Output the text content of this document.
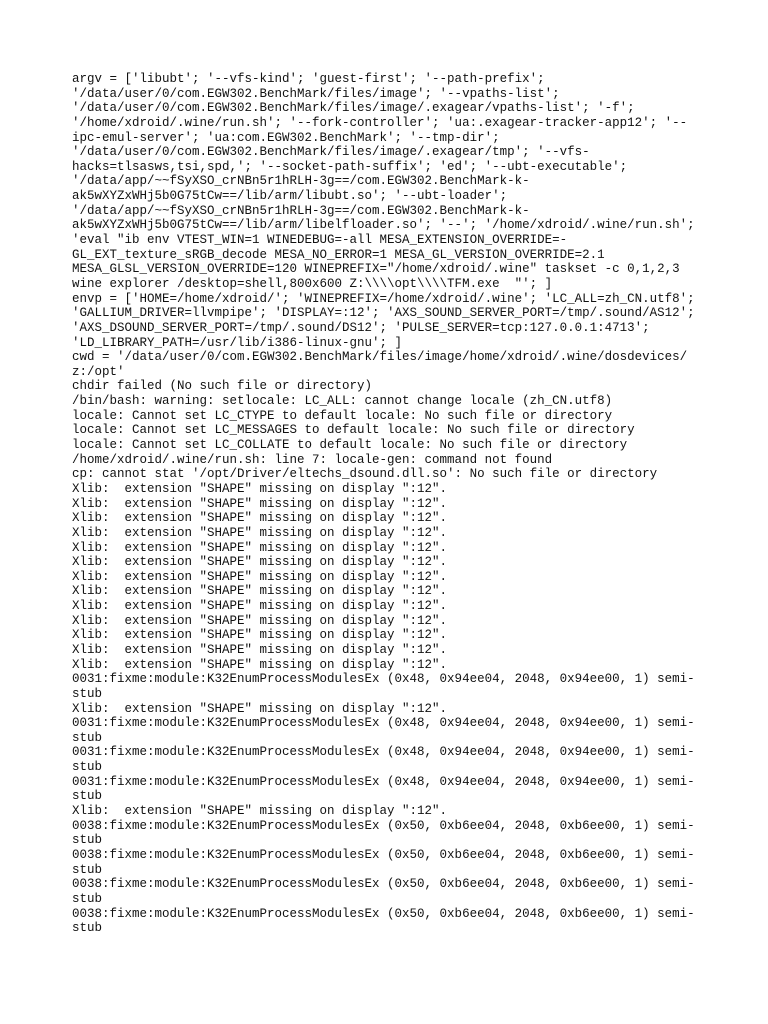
argv = ['libubt'; '--vfs-kind'; 'guest-first'; '--path-prefix';

'/data/user/0/com.EGW302.BenchMark/files/image'; '--vpaths-list';

'/data/user/0/com.EGW302.BenchMark/files/image/.exagear/vpaths-list'; '-f';

'/home/xdroid/.wine/run.sh'; '--fork-controller'; 'ua:.exagear-tracker-app12'; '--

ipc-emul-server'; 'ua:com.EGW302.BenchMark'; '--tmp-dir';

'/data/user/0/com.EGW302.BenchMark/files/image/.exagear/tmp'; '--vfs-

hacks=tlsasws,tsi,spd,'; '--socket-path-suffix'; 'ed'; '--ubt-executable';

'/data/app/~~fSyXSO_crNBn5r1hRLH-3g==/com.EGW302.BenchMark-k-

ak5wXYZxWHj5b0G75tCw==/lib/arm/libubt.so'; '--ubt-loader';

'/data/app/~~fSyXSO_crNBn5r1hRLH-3g==/com.EGW302.BenchMark-k-

ak5wXYZxWHj5b0G75tCw==/lib/arm/libelfloader.so'; '--'; '/home/xdroid/.wine/run.sh';

'eval "ib env VTEST_WIN=1 WINEDEBUG=-all MESA_EXTENSION_OVERRIDE=-

GL_EXT_texture_sRGB_decode MESA_NO_ERROR=1 MESA_GL_VERSION_OVERRIDE=2.1

MESA_GLSL_VERSION_OVERRIDE=120 WINEPREFIX="/home/xdroid/.wine" taskset -c 0,1,2,3

wine explorer /desktop=shell,800x600 Z:\\\\opt\\\\TFM.exe  "'; ]

envp = ['HOME=/home/xdroid/'; 'WINEPREFIX=/home/xdroid/.wine'; 'LC_ALL=zh_CN.utf8';

'GALLIUM_DRIVER=llvmpipe'; 'DISPLAY=:12'; 'AXS_SOUND_SERVER_PORT=/tmp/.sound/AS12';

'AXS_DSOUND_SERVER_PORT=/tmp/.sound/DS12'; 'PULSE_SERVER=tcp:127.0.0.1:4713';

'LD_LIBRARY_PATH=/usr/lib/i386-linux-gnu'; ]

cwd = '/data/user/0/com.EGW302.BenchMark/files/image/home/xdroid/.wine/dosdevices/

z:/opt'

chdir failed (No such file or directory)

/bin/bash: warning: setlocale: LC_ALL: cannot change locale (zh_CN.utf8)

locale: Cannot set LC_CTYPE to default locale: No such file or directory

locale: Cannot set LC_MESSAGES to default locale: No such file or directory

locale: Cannot set LC_COLLATE to default locale: No such file or directory

/home/xdroid/.wine/run.sh: line 7: locale-gen: command not found

cp: cannot stat '/opt/Driver/eltechs_dsound.dll.so': No such file or directory

Xlib:  extension "SHAPE" missing on display ":12".

Xlib:  extension "SHAPE" missing on display ":12".

Xlib:  extension "SHAPE" missing on display ":12".

Xlib:  extension "SHAPE" missing on display ":12".

Xlib:  extension "SHAPE" missing on display ":12".

Xlib:  extension "SHAPE" missing on display ":12".

Xlib:  extension "SHAPE" missing on display ":12".

Xlib:  extension "SHAPE" missing on display ":12".

Xlib:  extension "SHAPE" missing on display ":12".

Xlib:  extension "SHAPE" missing on display ":12".

Xlib:  extension "SHAPE" missing on display ":12".

Xlib:  extension "SHAPE" missing on display ":12".

Xlib:  extension "SHAPE" missing on display ":12".

0031:fixme:module:K32EnumProcessModulesEx (0x48, 0x94ee04, 2048, 0x94ee00, 1) semi-

stub

Xlib:  extension "SHAPE" missing on display ":12".

0031:fixme:module:K32EnumProcessModulesEx (0x48, 0x94ee04, 2048, 0x94ee00, 1) semi-

stub

0031:fixme:module:K32EnumProcessModulesEx (0x48, 0x94ee04, 2048, 0x94ee00, 1) semi-

stub

0031:fixme:module:K32EnumProcessModulesEx (0x48, 0x94ee04, 2048, 0x94ee00, 1) semi-

stub

Xlib:  extension "SHAPE" missing on display ":12".

0038:fixme:module:K32EnumProcessModulesEx (0x50, 0xb6ee04, 2048, 0xb6ee00, 1) semi-

stub

0038:fixme:module:K32EnumProcessModulesEx (0x50, 0xb6ee04, 2048, 0xb6ee00, 1) semi-

stub

0038:fixme:module:K32EnumProcessModulesEx (0x50, 0xb6ee04, 2048, 0xb6ee00, 1) semi-

stub

0038:fixme:module:K32EnumProcessModulesEx (0x50, 0xb6ee04, 2048, 0xb6ee00, 1) semi-

stub
